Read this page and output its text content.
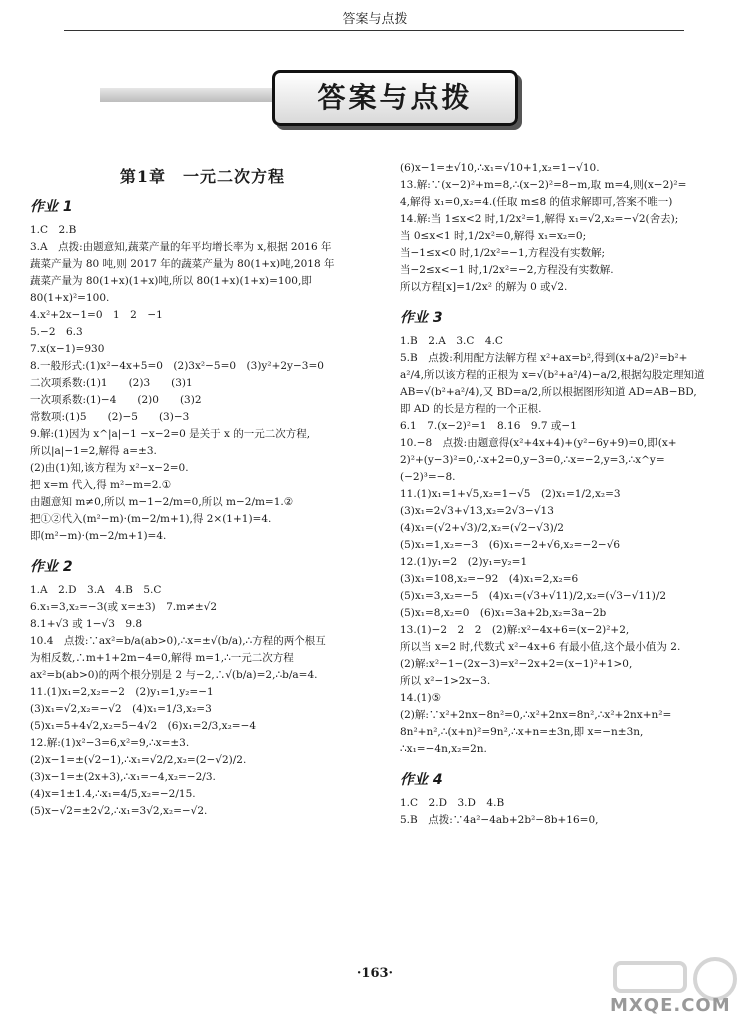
答案与点拨
答案与点拨
第1章　一元二次方程
作业 1
1.C　2.B
3.A　点拨:由题意知,蔬菜产量的年平均增长率为 x,根据 2016 年
蔬菜产量为 80 吨,则 2017 年的蔬菜产量为 80(1+x)吨,2018 年
蔬菜产量为 80(1+x)(1+x)吨,所以 80(1+x)(1+x)=100,即
80(1+x)²=100.
4.x²+2x−1=0　1　2　−1
5.−2　6.3
7.x(x−1)=930
8.一般形式:(1)x²−4x+5=0　(2)3x²−5=0　(3)y²+2y−3=0
二次项系数:(1)1　　(2)3　　(3)1
一次项系数:(1)−4　　(2)0　　(3)2
常数项:(1)5　　(2)−5　　(3)−3
9.解:(1)因为 x^|a|−1 −x−2=0 是关于 x 的一元二次方程,
所以|a|−1=2,解得 a=±3.
(2)由(1)知,该方程为 x²−x−2=0.
把 x=m 代入,得 m²−m=2.①
由题意知 m≠0,所以 m−1−2/m=0,所以 m−2/m=1.②
把①②代入(m²−m)·(m−2/m+1),得 2×(1+1)=4.
即(m²−m)·(m−2/m+1)=4.
作业 2
1.A　2.D　3.A　4.B　5.C
6.x₁=3,x₂=−3(或 x=±3)　7.m≠±√2
8.1+√3 或 1−√3　9.8
10.4　点拨:∵ax²=b/a(ab>0),∴x=±√(b/a),∴方程的两个根互
为相反数,∴m+1+2m−4=0,解得 m=1,∴一元二次方程
ax²=b(ab>0)的两个根分别是 2 与−2,∴√(b/a)=2,∴b/a=4.
11.(1)x₁=2,x₂=−2　(2)y₁=1,y₂=−1
(3)x₁=√2,x₂=−√2　(4)x₁=1/3,x₂=3
(5)x₁=5+4√2,x₂=5−4√2　(6)x₁=2/3,x₂=−4
12.解:(1)x²−3=6,x²=9,∴x=±3.
(2)x−1=±(√2−1),∴x₁=√2/2,x₂=(2−√2)/2.
(3)x−1=±(2x+3),∴x₁=−4,x₂=−2/3.
(4)x=1±1.4,∴x₁=4/5,x₂=−2/15.
(5)x−√2=±2√2,∴x₁=3√2,x₂=−√2.
(6)x−1=±√10,∴x₁=√10+1,x₂=1−√10.
13.解:∵(x−2)²+m=8,∴(x−2)²=8−m,取 m=4,则(x−2)²=
4,解得 x₁=0,x₂=4.(任取 m≤8 的值求解即可,答案不唯一)
14.解:当 1≤x<2 时,1/2x²=1,解得 x₁=√2,x₂=−√2(舍去);
当 0≤x<1 时,1/2x²=0,解得 x₁=x₂=0;
当−1≤x<0 时,1/2x²=−1,方程没有实数解;
当−2≤x<−1 时,1/2x²=−2,方程没有实数解.
所以方程[x]=1/2x² 的解为 0 或√2.
作业 3
1.B　2.A　3.C　4.C
5.B　点拨:利用配方法解方程 x²+ax=b²,得到(x+a/2)²=b²+
a²/4,所以该方程的正根为 x=√(b²+a²/4)−a/2,根据勾股定理知道
AB=√(b²+a²/4),又 BD=a/2,所以根据图形知道 AD=AB−BD,
即 AD 的长是方程的一个正根.
6.1　7.(x−2)²=1　8.16　9.7 或−1
10.−8　点拨:由题意得(x²+4x+4)+(y²−6y+9)=0,即(x+
2)²+(y−3)²=0,∴x+2=0,y−3=0,∴x=−2,y=3,∴x^y=
(−2)³=−8.
11.(1)x₁=1+√5,x₂=1−√5　(2)x₁=1/2,x₂=3
(3)x₁=2√3+√13,x₂=2√3−√13
(4)x₁=(√2+√3)/2,x₂=(√2−√3)/2
(5)x₁=1,x₂=−3　(6)x₁=−2+√6,x₂=−2−√6
12.(1)y₁=2　(2)y₁=y₂=1
(3)x₁=108,x₂=−92　(4)x₁=2,x₂=6
(5)x₁=3,x₂=−5　(4)x₁=(√3+√11)/2,x₂=(√3−√11)/2
(5)x₁=8,x₂=0　(6)x₁=3a+2b,x₂=3a−2b
13.(1)−2　2　2　(2)解:x²−4x+6=(x−2)²+2,
所以当 x=2 时,代数式 x²−4x+6 有最小值,这个最小值为 2.
(2)解:x²−1−(2x−3)=x²−2x+2=(x−1)²+1>0,
所以 x²−1>2x−3.
14.(1)⑤
(2)解:∵x²+2nx−8n²=0,∴x²+2nx=8n²,∴x²+2nx+n²=
8n²+n²,∴(x+n)²=9n²,∴x+n=±3n,即 x=−n±3n,
∴x₁=−4n,x₂=2n.
作业 4
1.C　2.D　3.D　4.B
5.B　点拨:∵4a²−4ab+2b²−8b+16=0,
·163·
MXQE.COM
